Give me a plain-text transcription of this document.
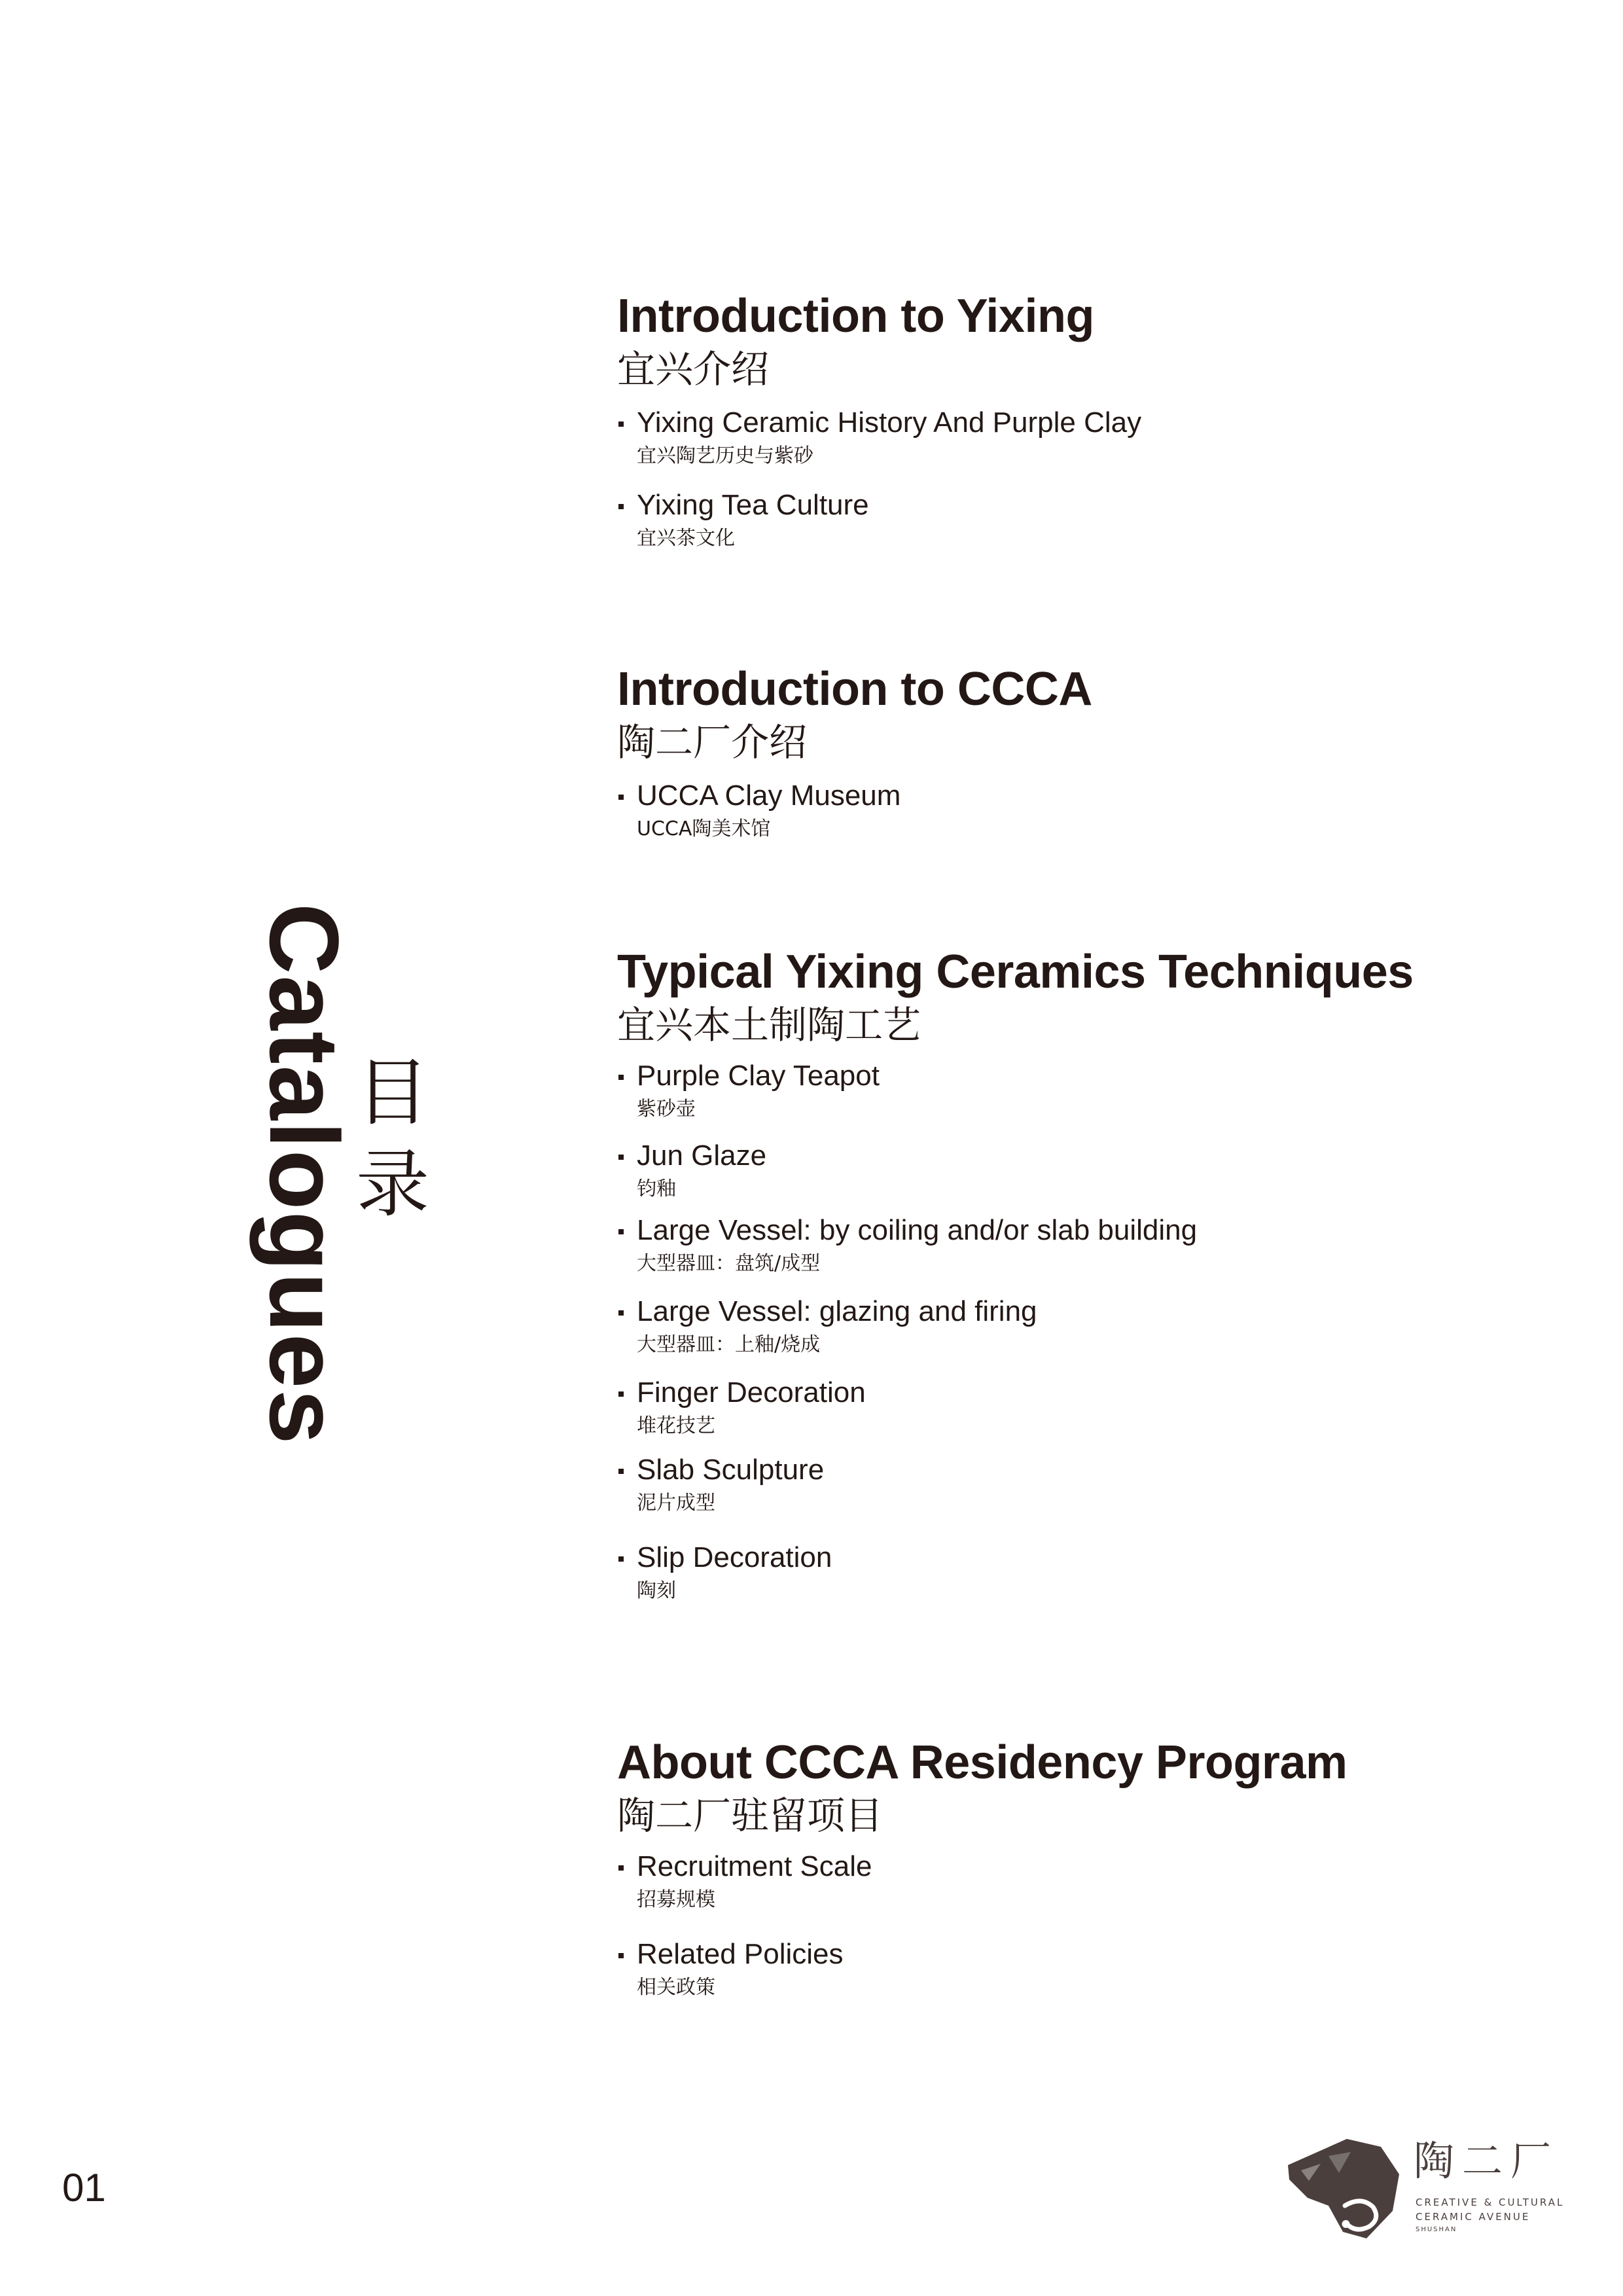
Catalogues
目
录
Introduction to Yixing
宜兴介绍
Yixing Ceramic History And Purple Clay
宜兴陶艺历史与紫砂
Yixing Tea Culture
宜兴茶文化
Introduction to CCCA
陶二厂介绍
UCCA Clay Museum
UCCA陶美术馆
Typical Yixing Ceramics Techniques
宜兴本土制陶工艺
Purple Clay Teapot
紫砂壶
Jun Glaze
钧釉
Large Vessel: by coiling and/or slab building
大型器皿：盘筑/成型
Large Vessel: glazing and firing
大型器皿：上釉/烧成
Finger Decoration
堆花技艺
Slab Sculpture
泥片成型
Slip Decoration
陶刻
About CCCA Residency Program
陶二厂驻留项目
Recruitment Scale
招募规模
Related Policies
相关政策
01
陶二厂
CREATIVE & CULTURAL
CERAMIC AVENUE
SHUSHAN
